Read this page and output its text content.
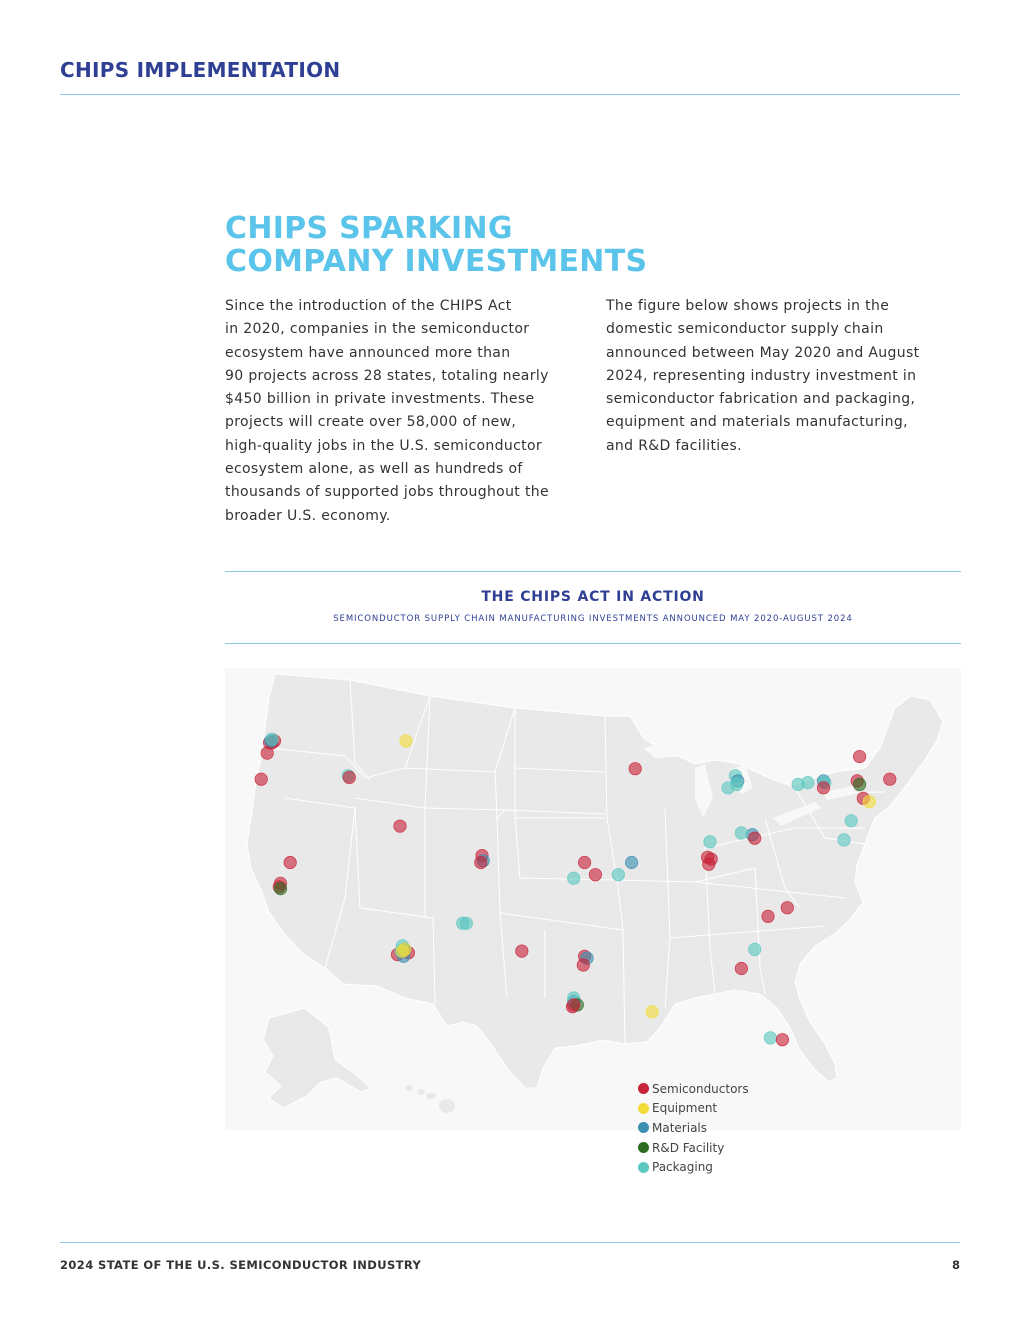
CHIPS IMPLEMENTATION
CHIPS SPARKING
COMPANY INVESTMENTS
Since the introduction of the CHIPS Act
in 2020, companies in the semiconductor
ecosystem have announced more than
90 projects across 28 states, totaling nearly
$450 billion in private investments. These
projects will create over 58,000 of new,
high-quality jobs in the U.S. semiconductor
ecosystem alone, as well as hundreds of
thousands of supported jobs throughout the
broader U.S. economy.
The figure below shows projects in the
domestic semiconductor supply chain
announced between May 2020 and August
2024, representing industry investment in
semiconductor fabrication and packaging,
equipment and materials manufacturing,
and R&D facilities.
THE CHIPS ACT IN ACTION
SEMICONDUCTOR SUPPLY CHAIN MANUFACTURING INVESTMENTS ANNOUNCED MAY 2020-AUGUST 2024
Semiconductors
Equipment
Materials
R&D Facility
Packaging
2024 STATE OF THE U.S. SEMICONDUCTOR INDUSTRY	8
